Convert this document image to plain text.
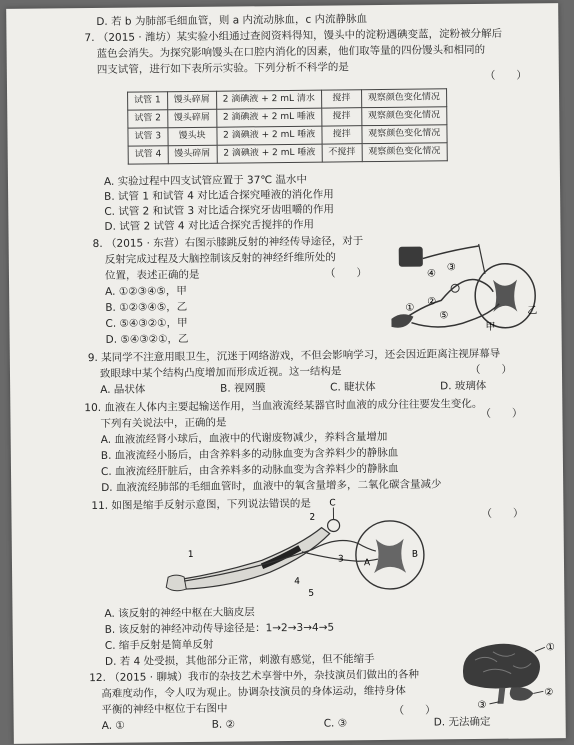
D. 若 b 为肺部毛细血管，则 a 内流动脉血，c 内流静脉血
7. （2015 · 潍坊）某实验小组通过查阅资料得知，馒头中的淀粉遇碘变蓝，淀粉被分解后
蓝色会消失。为探究影响馒头在口腔内消化的因素，他们取等量的四份馒头和相同的
四支试管，进行如下表所示实验。下列分析不科学的是	（　　）
试管 1	馒头碎屑	2 滴碘液 + 2 mL 清水	搅拌	观察颜色变化情况
试管 2	馒头碎屑	2 滴碘液 + 2 mL 唾液	搅拌	观察颜色变化情况
试管 3	馒头块	2 滴碘液 + 2 mL 唾液	搅拌	观察颜色变化情况
试管 4	馒头碎屑	2 滴碘液 + 2 mL 唾液	不搅拌	观察颜色变化情况
A. 实验过程中四支试管应置于 37℃ 温水中
B. 试管 1 和试管 4 对比适合探究唾液的消化作用
C. 试管 2 和试管 3 对比适合探究牙齿咀嚼的作用
D. 试管 2 试管 4 对比适合探究舌搅拌的作用
8. （2015 · 东营）右图示膝跳反射的神经传导途径，对于
反射完成过程及大脑控制该反射的神经纤维所处的
位置，表述正确的是	（　　）
A. ①②③④⑤，甲
B. ①②③④⑤，乙
C. ⑤④③②①，甲
D. ⑤④③②①，乙
④
③
②
①
⑤
甲
乙
9. 某同学不注意用眼卫生，沉迷于网络游戏，不但会影响学习，还会因近距离注视屏幕导
致眼球中某个结构凸度增加而形成近视。这一结构是	（　　）
A. 晶状体	B. 视网膜	C. 睫状体	D. 玻璃体
10. 血液在人体内主要起输送作用，当血液流经某器官时血液的成分往往要发生变化。
下列有关说法中，正确的是
（　　）
A. 血液流经肾小球后，血液中的代谢废物减少，养料含量增加
B. 血液流经小肠后，由含养料多的动脉血变为含养料少的静脉血
C. 血液流经肝脏后，由含养料多的动脉血变为含养料少的静脉血
D. 血液流经肺部的毛细血管时，血液中的氧含量增多，二氧化碳含量减少
11. 如图是缩手反射示意图，下列说法错误的是
（　　）
C
A
B
1
2
3
4
5
A. 该反射的神经中枢在大脑皮层
B. 该反射的神经冲动传导途径是：1→2→3→4→5
C. 缩手反射是简单反射
D. 若 4 处受损，其他部分正常，刺激有感觉，但不能缩手
12. （2015 · 聊城）我市的杂技艺术享誉中外，杂技演员们做出的各种
高难度动作，令人叹为观止。协调杂技演员的身体运动，维持身体
平衡的神经中枢位于右图中	（　　）
A. ①	B. ②	C. ③	D. 无法确定
①
②
③
